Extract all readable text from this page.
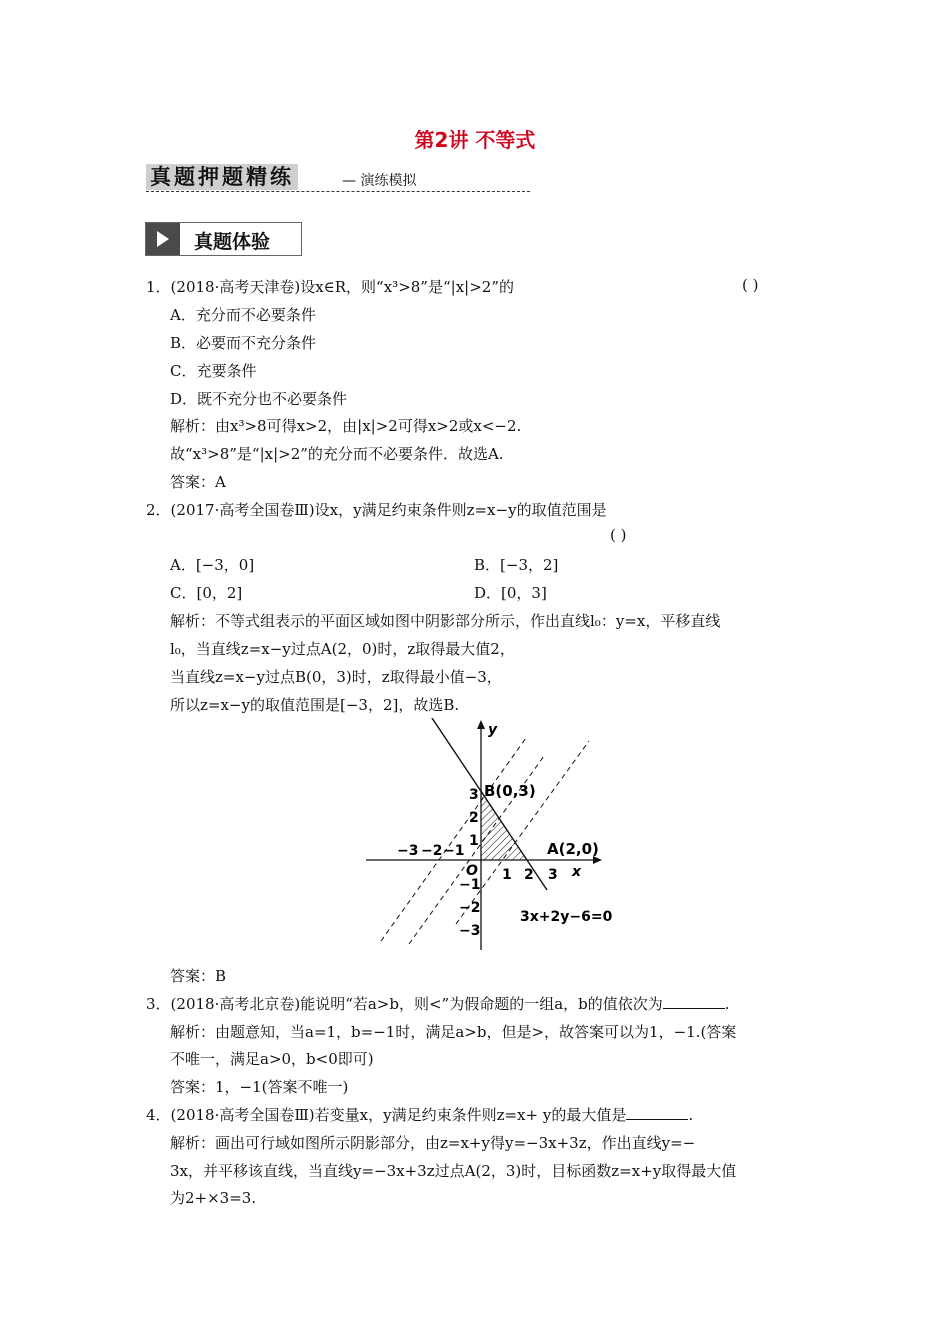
第2讲 不等式
真题押题精练	— 演练模拟
真题体验
1．(2018·高考天津卷)设x∈R，则“x³>8”是“|x|>2”的	( )
A．充分而不必要条件
B．必要而不充分条件
C．充要条件
D．既不充分也不必要条件
解析：由x³>8可得x>2，由|x|>2可得x>2或x<−2.
故“x³>8”是“|x|>2”的充分而不必要条件．故选A.
答案：A
2．(2017·高考全国卷Ⅲ)设x，y满足约束条件则z=x−y的取值范围是
( )
A．[−3，0]	B．[−3，2]
C．[0，2]	D．[0，3]
解析：不等式组表示的平面区域如图中阴影部分所示，作出直线l₀：y=x，平移直线
l₀，当直线z=x−y过点A(2，0)时，z取得最大值2，
当直线z=x−y过点B(0，3)时，z取得最小值−3，
所以z=x−y的取值范围是[−3，2]，故选B.
y
x
O
B(0,3)
A(2,0)
3x+2y−6=0
−3 −2 −1
1 2 3
3
2
1
−1
−2
−3
答案：B
3．(2018·高考北京卷)能说明“若a>b，则<”为假命题的一组a，b的值依次为	.
解析：由题意知，当a=1，b=−1时，满足a>b，但是>，故答案可以为1，−1.(答案
不唯一，满足a>0，b<0即可)
答案：1，−1(答案不唯一)
4．(2018·高考全国卷Ⅲ)若变量x，y满足约束条件则z=x+ y的最大值是	.
解析：画出可行域如图所示阴影部分，由z=x+y得y=−3x+3z，作出直线y=−
3x，并平移该直线，当直线y=−3x+3z过点A(2，3)时，目标函数z=x+y取得最大值
为2+×3=3.
